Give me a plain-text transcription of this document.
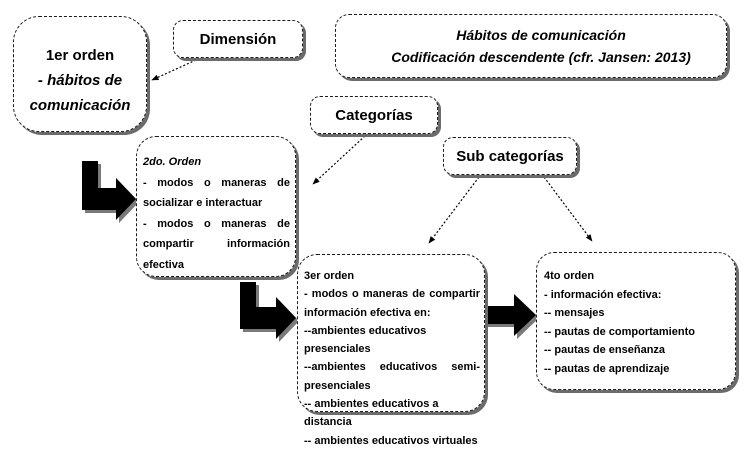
1er orden
- hábitos de
comunicación
Dimensión
Categorías
Sub categorías
Hábitos de comunicación
Codificación descendente (cfr. Jansen: 2013)
2do. Orden
- modos o maneras de
socializar e interactuar
- modos o maneras de
compartir información
efectiva
3er orden
- modos o maneras de compartir
información efectiva en:
--ambientes educativos presenciales
--ambientes educativos semi-
presenciales
-- ambientes educativos a distancia
-- ambientes educativos virtuales
4to orden
- información efectiva:
-- mensajes
-- pautas de comportamiento
-- pautas de enseñanza
-- pautas de aprendizaje
